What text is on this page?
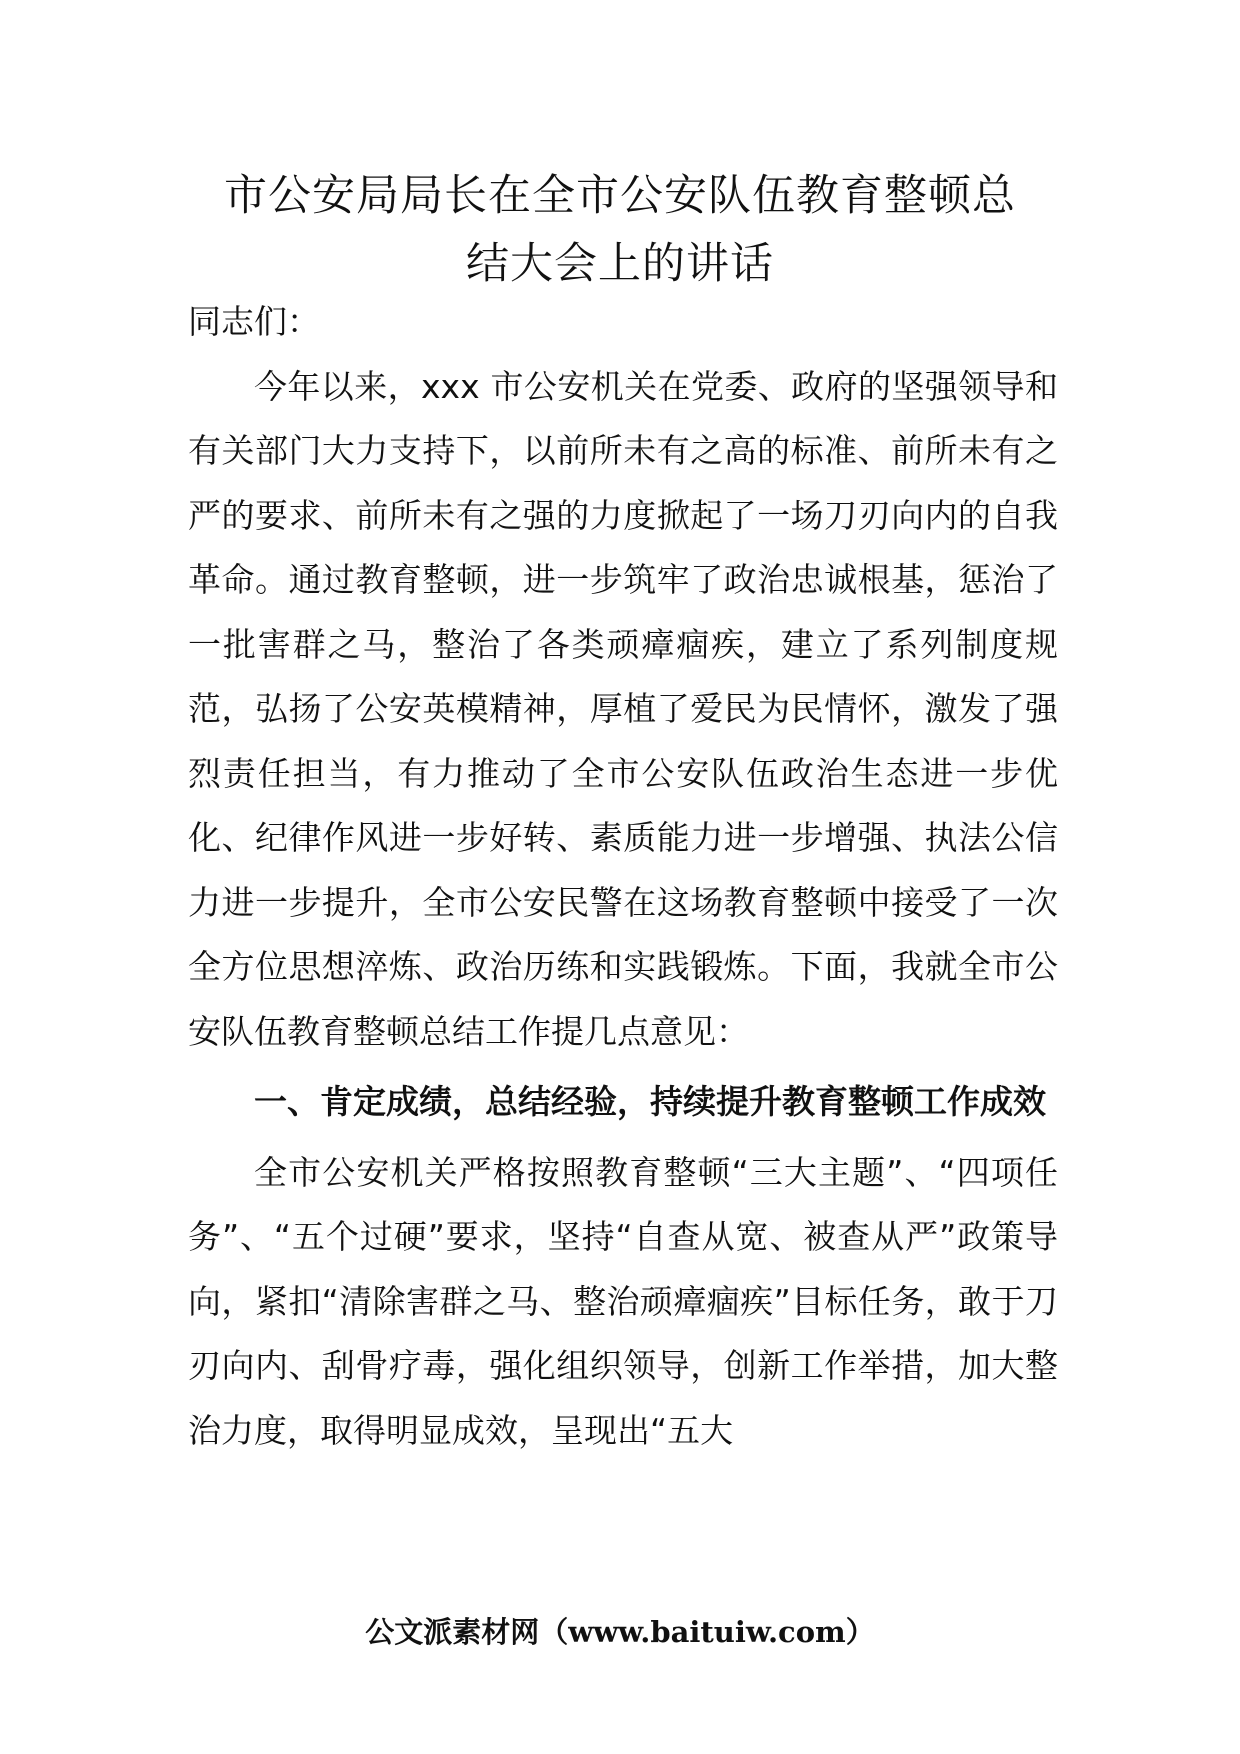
市公安局局长在全市公安队伍教育整顿总
结大会上的讲话

同志们：

今年以来，xxx 市公安机关在党委、政府的坚强领导和有关部门大力支持下，以前所未有之高的标准、前所未有之严的要求、前所未有之强的力度掀起了一场刀刃向内的自我革命。通过教育整顿，进一步筑牢了政治忠诚根基，惩治了一批害群之马，整治了各类顽瘴痼疾，建立了系列制度规范，弘扬了公安英模精神，厚植了爱民为民情怀，激发了强烈责任担当，有力推动了全市公安队伍政治生态进一步优化、纪律作风进一步好转、素质能力进一步增强、执法公信力进一步提升，全市公安民警在这场教育整顿中接受了一次全方位思想淬炼、政治历练和实践锻炼。下面，我就全市公安队伍教育整顿总结工作提几点意见：

一、肯定成绩，总结经验，持续提升教育整顿工作成效

全市公安机关严格按照教育整顿“三大主题”、“四项任务”、“五个过硬”要求，坚持“自查从宽、被查从严”政策导向，紧扣“清除害群之马、整治顽瘴痼疾”目标任务，敢于刀刃向内、刮骨疗毒，强化组织领导，创新工作举措，加大整治力度，取得明显成效，呈现出“五大

公文派素材网（www.baituiw.com）
